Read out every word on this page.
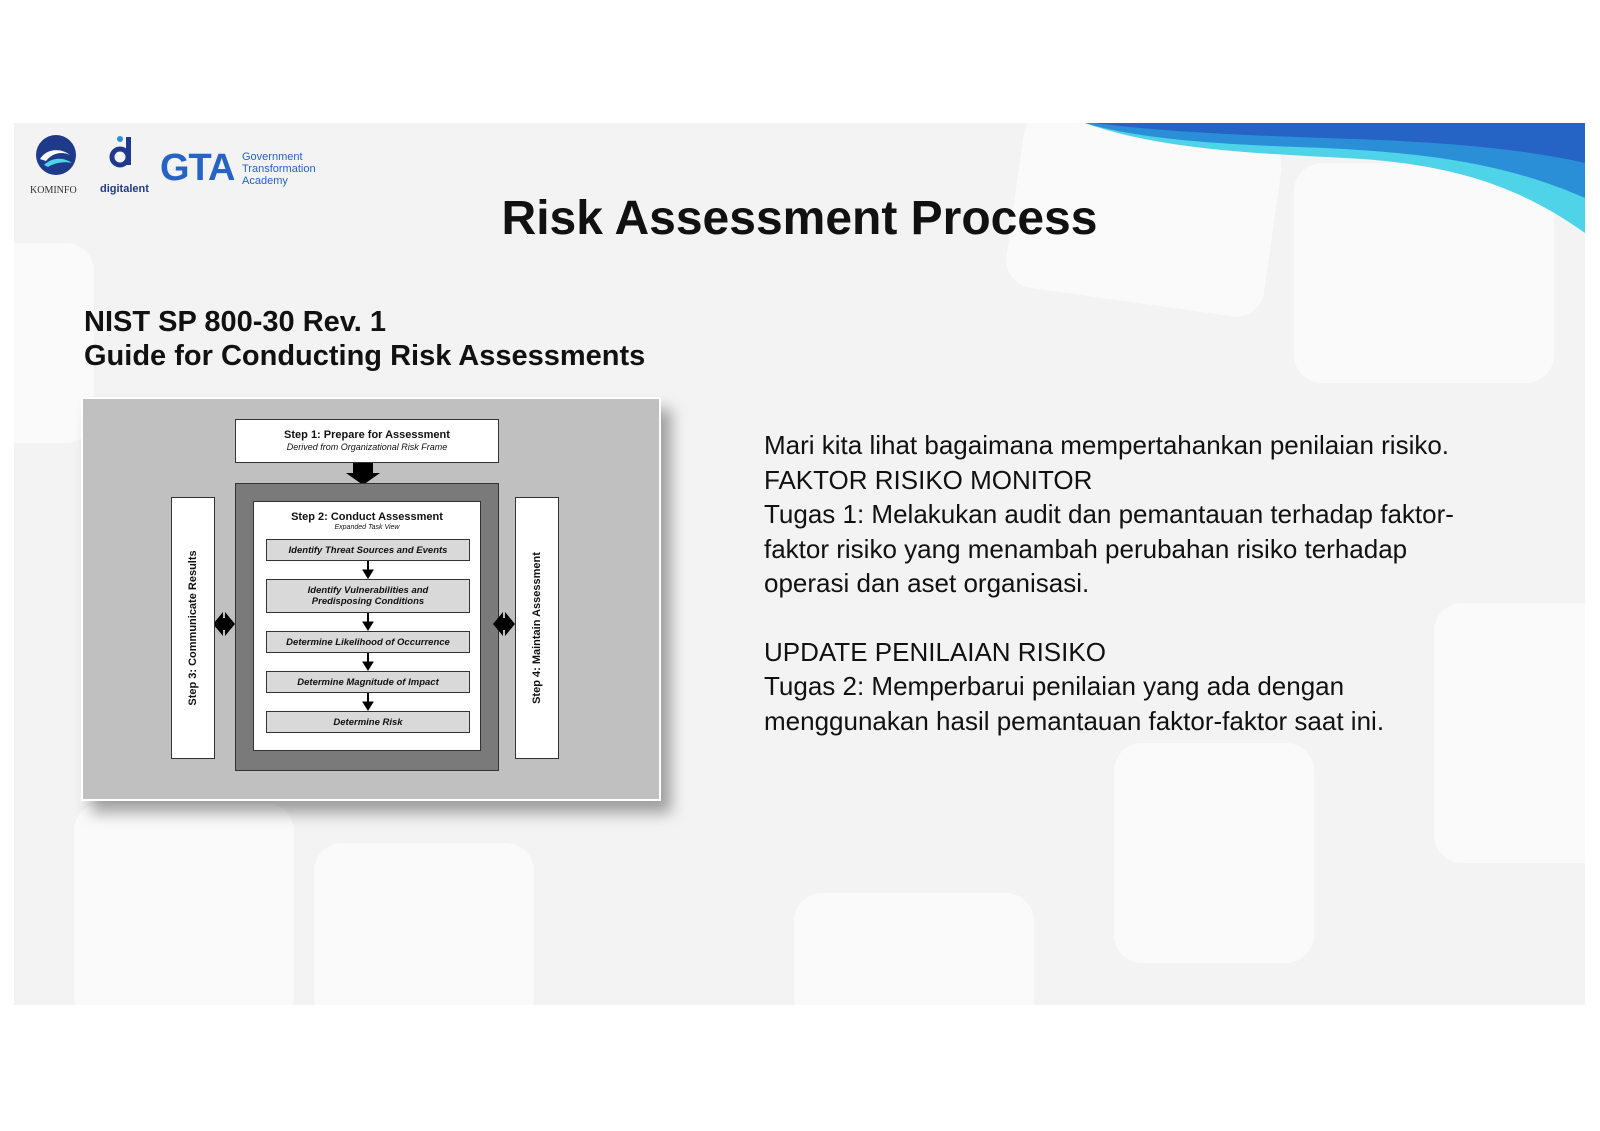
KOMINFO digitalent GTA Government
Transformation
Academy
Risk Assessment Process
NIST SP 800-30 Rev. 1
Guide for Conducting Risk Assessments
Step 1: Prepare for Assessment
Derived from Organizational Risk Frame
Step 2: Conduct Assessment
Expanded Task View
Identify Threat Sources and Events
Identify Vulnerabilities and Predisposing Conditions
Determine Likelihood of Occurrence
Determine Magnitude of Impact
Determine Risk
Step 3: Communicate Results	Step 4: Maintain Assessment

Mari kita lihat bagaimana mempertahankan penilaian risiko.

FAKTOR RISIKO MONITOR

Tugas 1: Melakukan audit dan pemantauan terhadap faktor-faktor risiko yang menambah perubahan risiko terhadap operasi dan aset organisasi.

UPDATE PENILAIAN RISIKO

Tugas 2: Memperbarui penilaian yang ada dengan menggunakan hasil pemantauan faktor-faktor saat ini.
